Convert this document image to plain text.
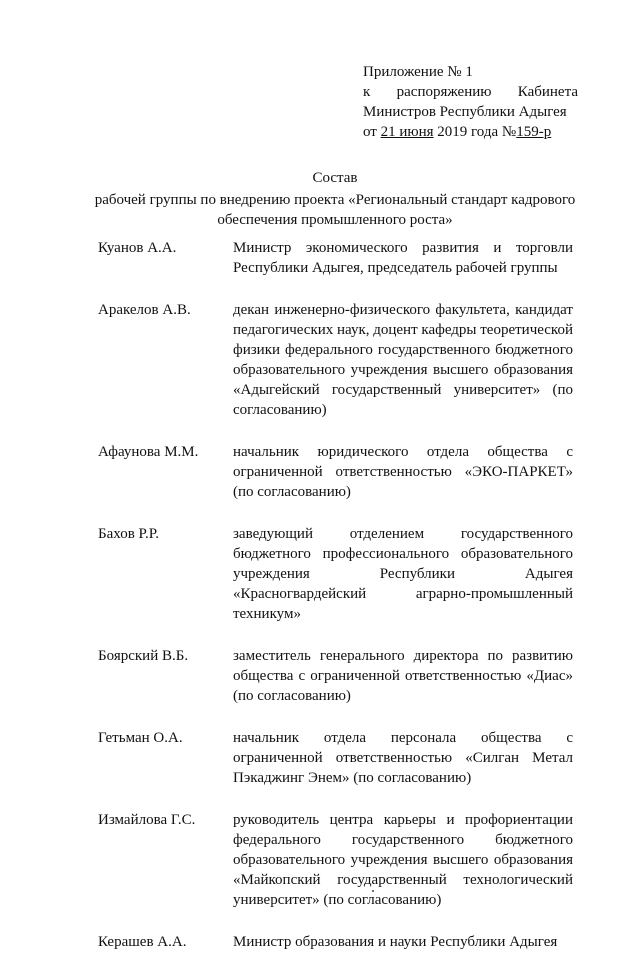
Приложение № 1
к распоряжению Кабинета
Министров Республики Адыгея
от 21 июня 2019 года №159-р
Состав
рабочей группы по внедрению проекта «Региональный стандарт кадрового обеспечения промышленного роста»
Куанов А.А.	Министр экономического развития и торговли Республики Адыгея, председатель рабочей группы
Аракелов А.В.	декан инженерно-физического факультета, кандидат педагогических наук, доцент кафедры теоретической физики федерального государственного бюджетного образовательного учреждения высшего образования «Адыгейский государственный университет» (по согласованию)
Афаунова М.М.	начальник юридического отдела общества с ограниченной ответственностью «ЭКО-ПАРКЕТ» (по согласованию)
Бахов Р.Р.	заведующий отделением государственного бюджетного профессионального образовательного учреждения Республики Адыгея «Красногвардейский аграрно-промышленный техникум»
Боярский В.Б.	заместитель генерального директора по развитию общества с ограниченной ответственностью «Диас» (по согласованию)
Гетьман О.А.	начальник отдела персонала общества с ограниченной ответственностью «Силган Метал Пэкаджинг Энем» (по согласованию)
Измайлова Г.С.	руководитель центра карьеры и профориентации федерального государственного бюджетного образовательного учреждения высшего образования «Майкопский государственный технологический университет» (по согласованию)
Керашев А.А.	Министр образования и науки Республики Адыгея
